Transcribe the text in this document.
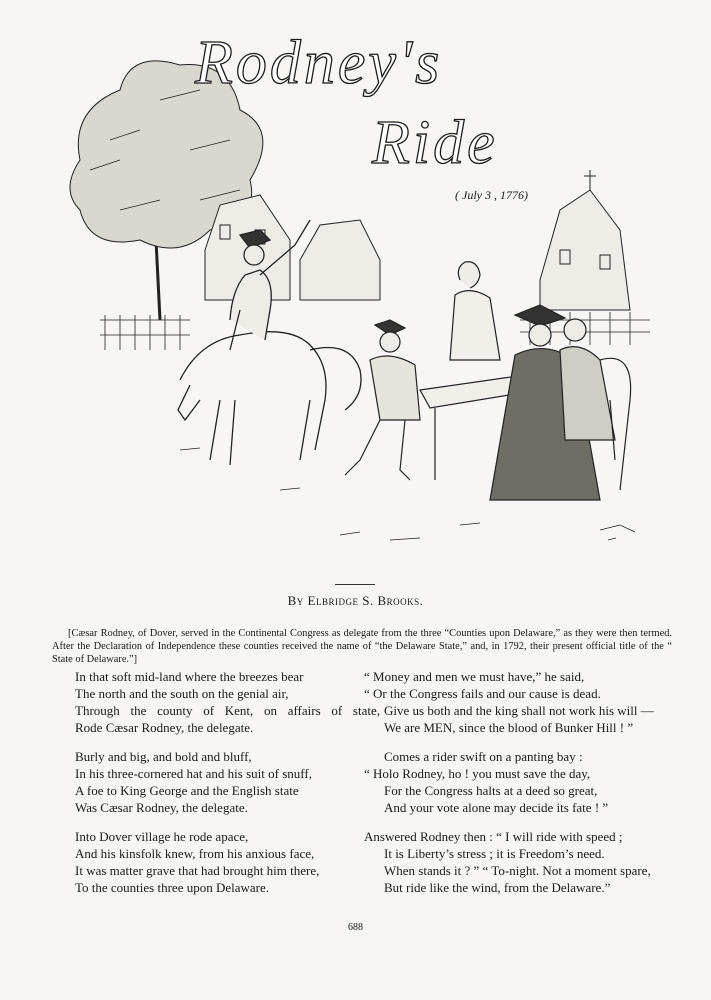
Rodney's
Ride
( July 3 , 1776)
By Elbridge S. Brooks.
[Cæsar Rodney, of Dover, served in the Continental Congress as delegate from the three “Counties upon Delaware,” as they were then termed. After the Declaration of Independence these counties received the name of “the Delaware State,” and, in 1792, their present official title of the “ State of Delaware.”]
In that soft mid-land where the breezes bear
The north and the south on the genial air,
Through the county of Kent, on affairs of state,
Rode Cæsar Rodney, the delegate.
Burly and big, and bold and bluff,
In his three-cornered hat and his suit of snuff,
A foe to King George and the English state
Was Cæsar Rodney, the delegate.
Into Dover village he rode apace,
And his kinsfolk knew, from his anxious face,
It was matter grave that had brought him there,
To the counties three upon Delaware.
“ Money and men we must have,” he said,
“ Or the Congress fails and our cause is dead.
Give us both and the king shall not work his will —
We are MEN, since the blood of Bunker Hill ! ”
Comes a rider swift on a panting bay :
“ Holo Rodney, ho ! you must save the day,
For the Congress halts at a deed so great,
And your vote alone may decide its fate ! ”
Answered Rodney then : “ I will ride with speed ;
It is Liberty’s stress ; it is Freedom’s need.
When stands it ? ” “ To-night. Not a moment spare,
But ride like the wind, from the Delaware.”
688
